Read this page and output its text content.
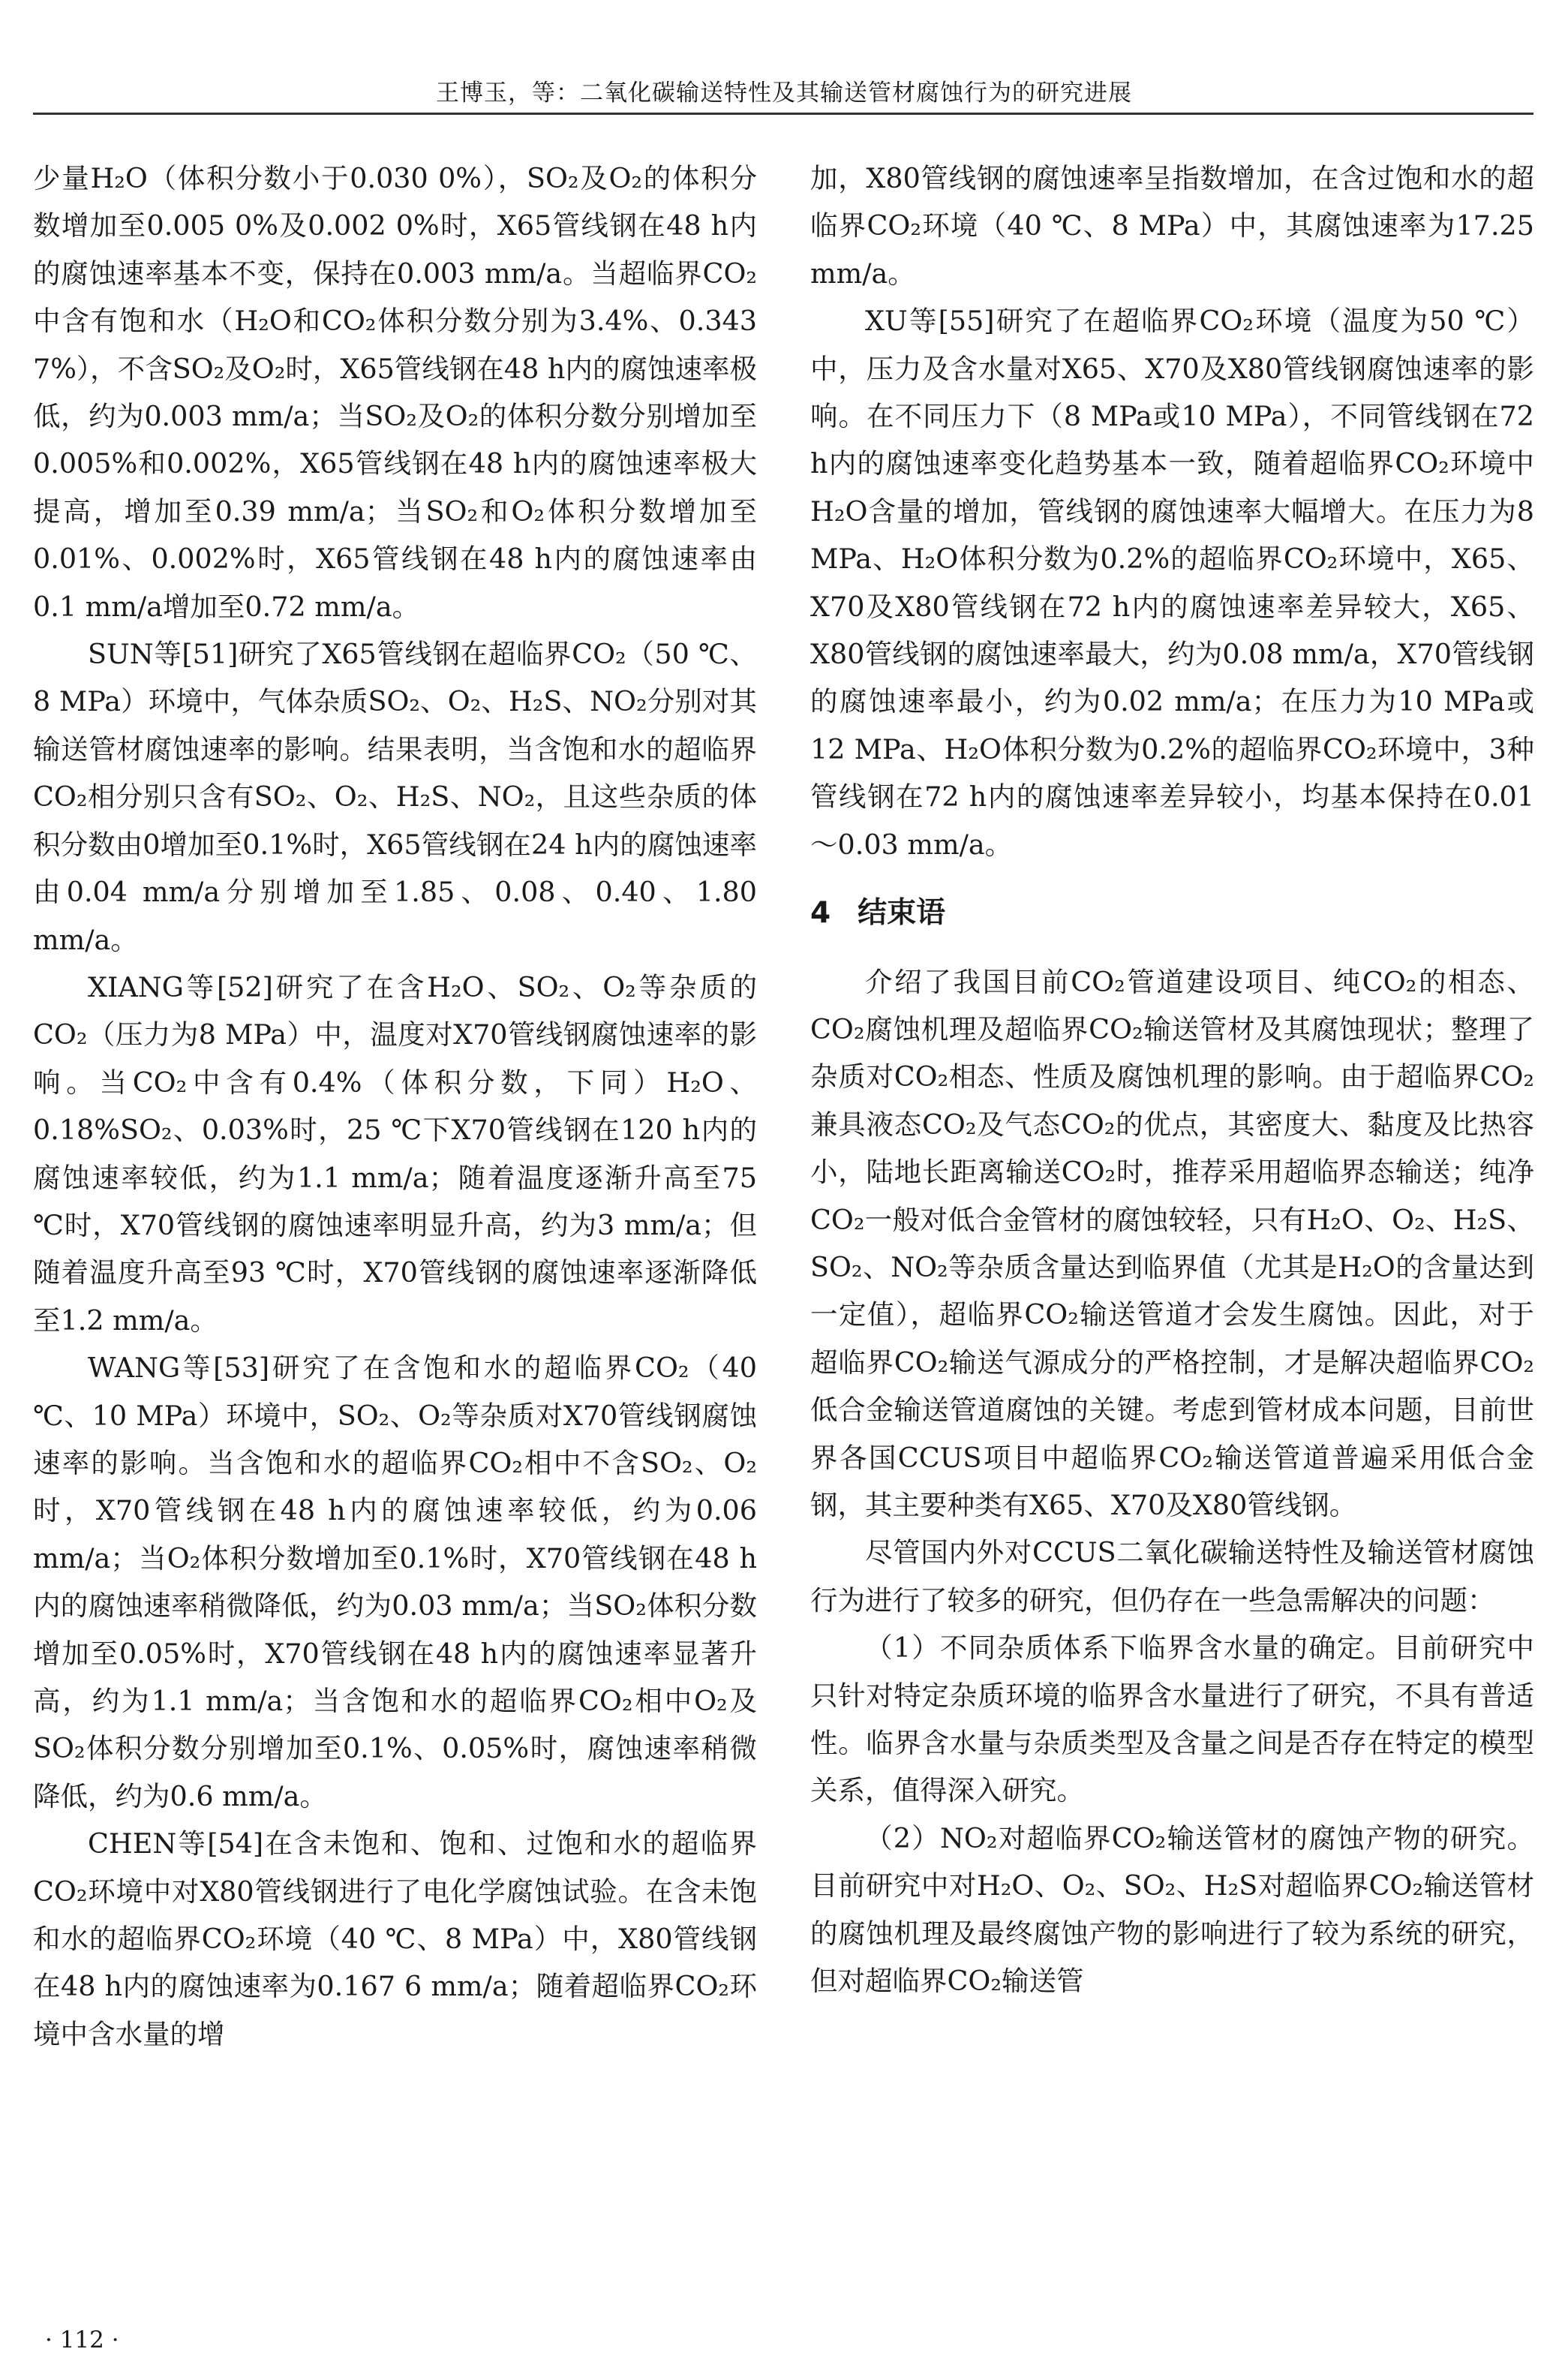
王博玉，等：二氧化碳输送特性及其输送管材腐蚀行为的研究进展

少量H₂O（体积分数小于0.030 0%），SO₂及O₂的体积分数增加至0.005 0%及0.002 0%时，X65管线钢在48 h内的腐蚀速率基本不变，保持在0.003 mm/a。当超临界CO₂中含有饱和水（H₂O和CO₂体积分数分别为3.4%、0.343 7%），不含SO₂及O₂时，X65管线钢在48 h内的腐蚀速率极低，约为0.003 mm/a；当SO₂及O₂的体积分数分别增加至0.005%和0.002%，X65管线钢在48 h内的腐蚀速率极大提高，增加至0.39 mm/a；当SO₂和O₂体积分数增加至0.01%、0.002%时，X65管线钢在48 h内的腐蚀速率由0.1 mm/a增加至0.72 mm/a。

SUN等[51]研究了X65管线钢在超临界CO₂（50 ℃、8 MPa）环境中，气体杂质SO₂、O₂、H₂S、NO₂分别对其输送管材腐蚀速率的影响。结果表明，当含饱和水的超临界CO₂相分别只含有SO₂、O₂、H₂S、NO₂，且这些杂质的体积分数由0增加至0.1%时，X65管线钢在24 h内的腐蚀速率由0.04 mm/a分别增加至1.85、0.08、0.40、1.80 mm/a。

XIANG等[52]研究了在含H₂O、SO₂、O₂等杂质的CO₂（压力为8 MPa）中，温度对X70管线钢腐蚀速率的影响。当CO₂中含有0.4%（体积分数，下同）H₂O、0.18%SO₂、0.03%时，25 ℃下X70管线钢在120 h内的腐蚀速率较低，约为1.1 mm/a；随着温度逐渐升高至75 ℃时，X70管线钢的腐蚀速率明显升高，约为3 mm/a；但随着温度升高至93 ℃时，X70管线钢的腐蚀速率逐渐降低至1.2 mm/a。

WANG等[53]研究了在含饱和水的超临界CO₂（40 ℃、10 MPa）环境中，SO₂、O₂等杂质对X70管线钢腐蚀速率的影响。当含饱和水的超临界CO₂相中不含SO₂、O₂时，X70管线钢在48 h内的腐蚀速率较低，约为0.06 mm/a；当O₂体积分数增加至0.1%时，X70管线钢在48 h内的腐蚀速率稍微降低，约为0.03 mm/a；当SO₂体积分数增加至0.05%时，X70管线钢在48 h内的腐蚀速率显著升高，约为1.1 mm/a；当含饱和水的超临界CO₂相中O₂及SO₂体积分数分别增加至0.1%、0.05%时，腐蚀速率稍微降低，约为0.6 mm/a。

CHEN等[54]在含未饱和、饱和、过饱和水的超临界CO₂环境中对X80管线钢进行了电化学腐蚀试验。在含未饱和水的超临界CO₂环境（40 ℃、8 MPa）中，X80管线钢在48 h内的腐蚀速率为0.167 6 mm/a；随着超临界CO₂环境中含水量的增

加，X80管线钢的腐蚀速率呈指数增加，在含过饱和水的超临界CO₂环境（40 ℃、8 MPa）中，其腐蚀速率为17.25 mm/a。

XU等[55]研究了在超临界CO₂环境（温度为50 ℃）中，压力及含水量对X65、X70及X80管线钢腐蚀速率的影响。在不同压力下（8 MPa或10 MPa），不同管线钢在72 h内的腐蚀速率变化趋势基本一致，随着超临界CO₂环境中H₂O含量的增加，管线钢的腐蚀速率大幅增大。在压力为8 MPa、H₂O体积分数为0.2%的超临界CO₂环境中，X65、X70及X80管线钢在72 h内的腐蚀速率差异较大，X65、X80管线钢的腐蚀速率最大，约为0.08 mm/a，X70管线钢的腐蚀速率最小，约为0.02 mm/a；在压力为10 MPa或12 MPa、H₂O体积分数为0.2%的超临界CO₂环境中，3种管线钢在72 h内的腐蚀速率差异较小，均基本保持在0.01～0.03 mm/a。

4 结束语

介绍了我国目前CO₂管道建设项目、纯CO₂的相态、CO₂腐蚀机理及超临界CO₂输送管材及其腐蚀现状；整理了杂质对CO₂相态、性质及腐蚀机理的影响。由于超临界CO₂兼具液态CO₂及气态CO₂的优点，其密度大、黏度及比热容小，陆地长距离输送CO₂时，推荐采用超临界态输送；纯净CO₂一般对低合金管材的腐蚀较轻，只有H₂O、O₂、H₂S、SO₂、NO₂等杂质含量达到临界值（尤其是H₂O的含量达到一定值），超临界CO₂输送管道才会发生腐蚀。因此，对于超临界CO₂输送气源成分的严格控制，才是解决超临界CO₂低合金输送管道腐蚀的关键。考虑到管材成本问题，目前世界各国CCUS项目中超临界CO₂输送管道普遍采用低合金钢，其主要种类有X65、X70及X80管线钢。

尽管国内外对CCUS二氧化碳输送特性及输送管材腐蚀行为进行了较多的研究，但仍存在一些急需解决的问题：

（1）不同杂质体系下临界含水量的确定。目前研究中只针对特定杂质环境的临界含水量进行了研究，不具有普适性。临界含水量与杂质类型及含量之间是否存在特定的模型关系，值得深入研究。

（2）NO₂对超临界CO₂输送管材的腐蚀产物的研究。目前研究中对H₂O、O₂、SO₂、H₂S对超临界CO₂输送管材的腐蚀机理及最终腐蚀产物的影响进行了较为系统的研究，但对超临界CO₂输送管

· 112 ·
